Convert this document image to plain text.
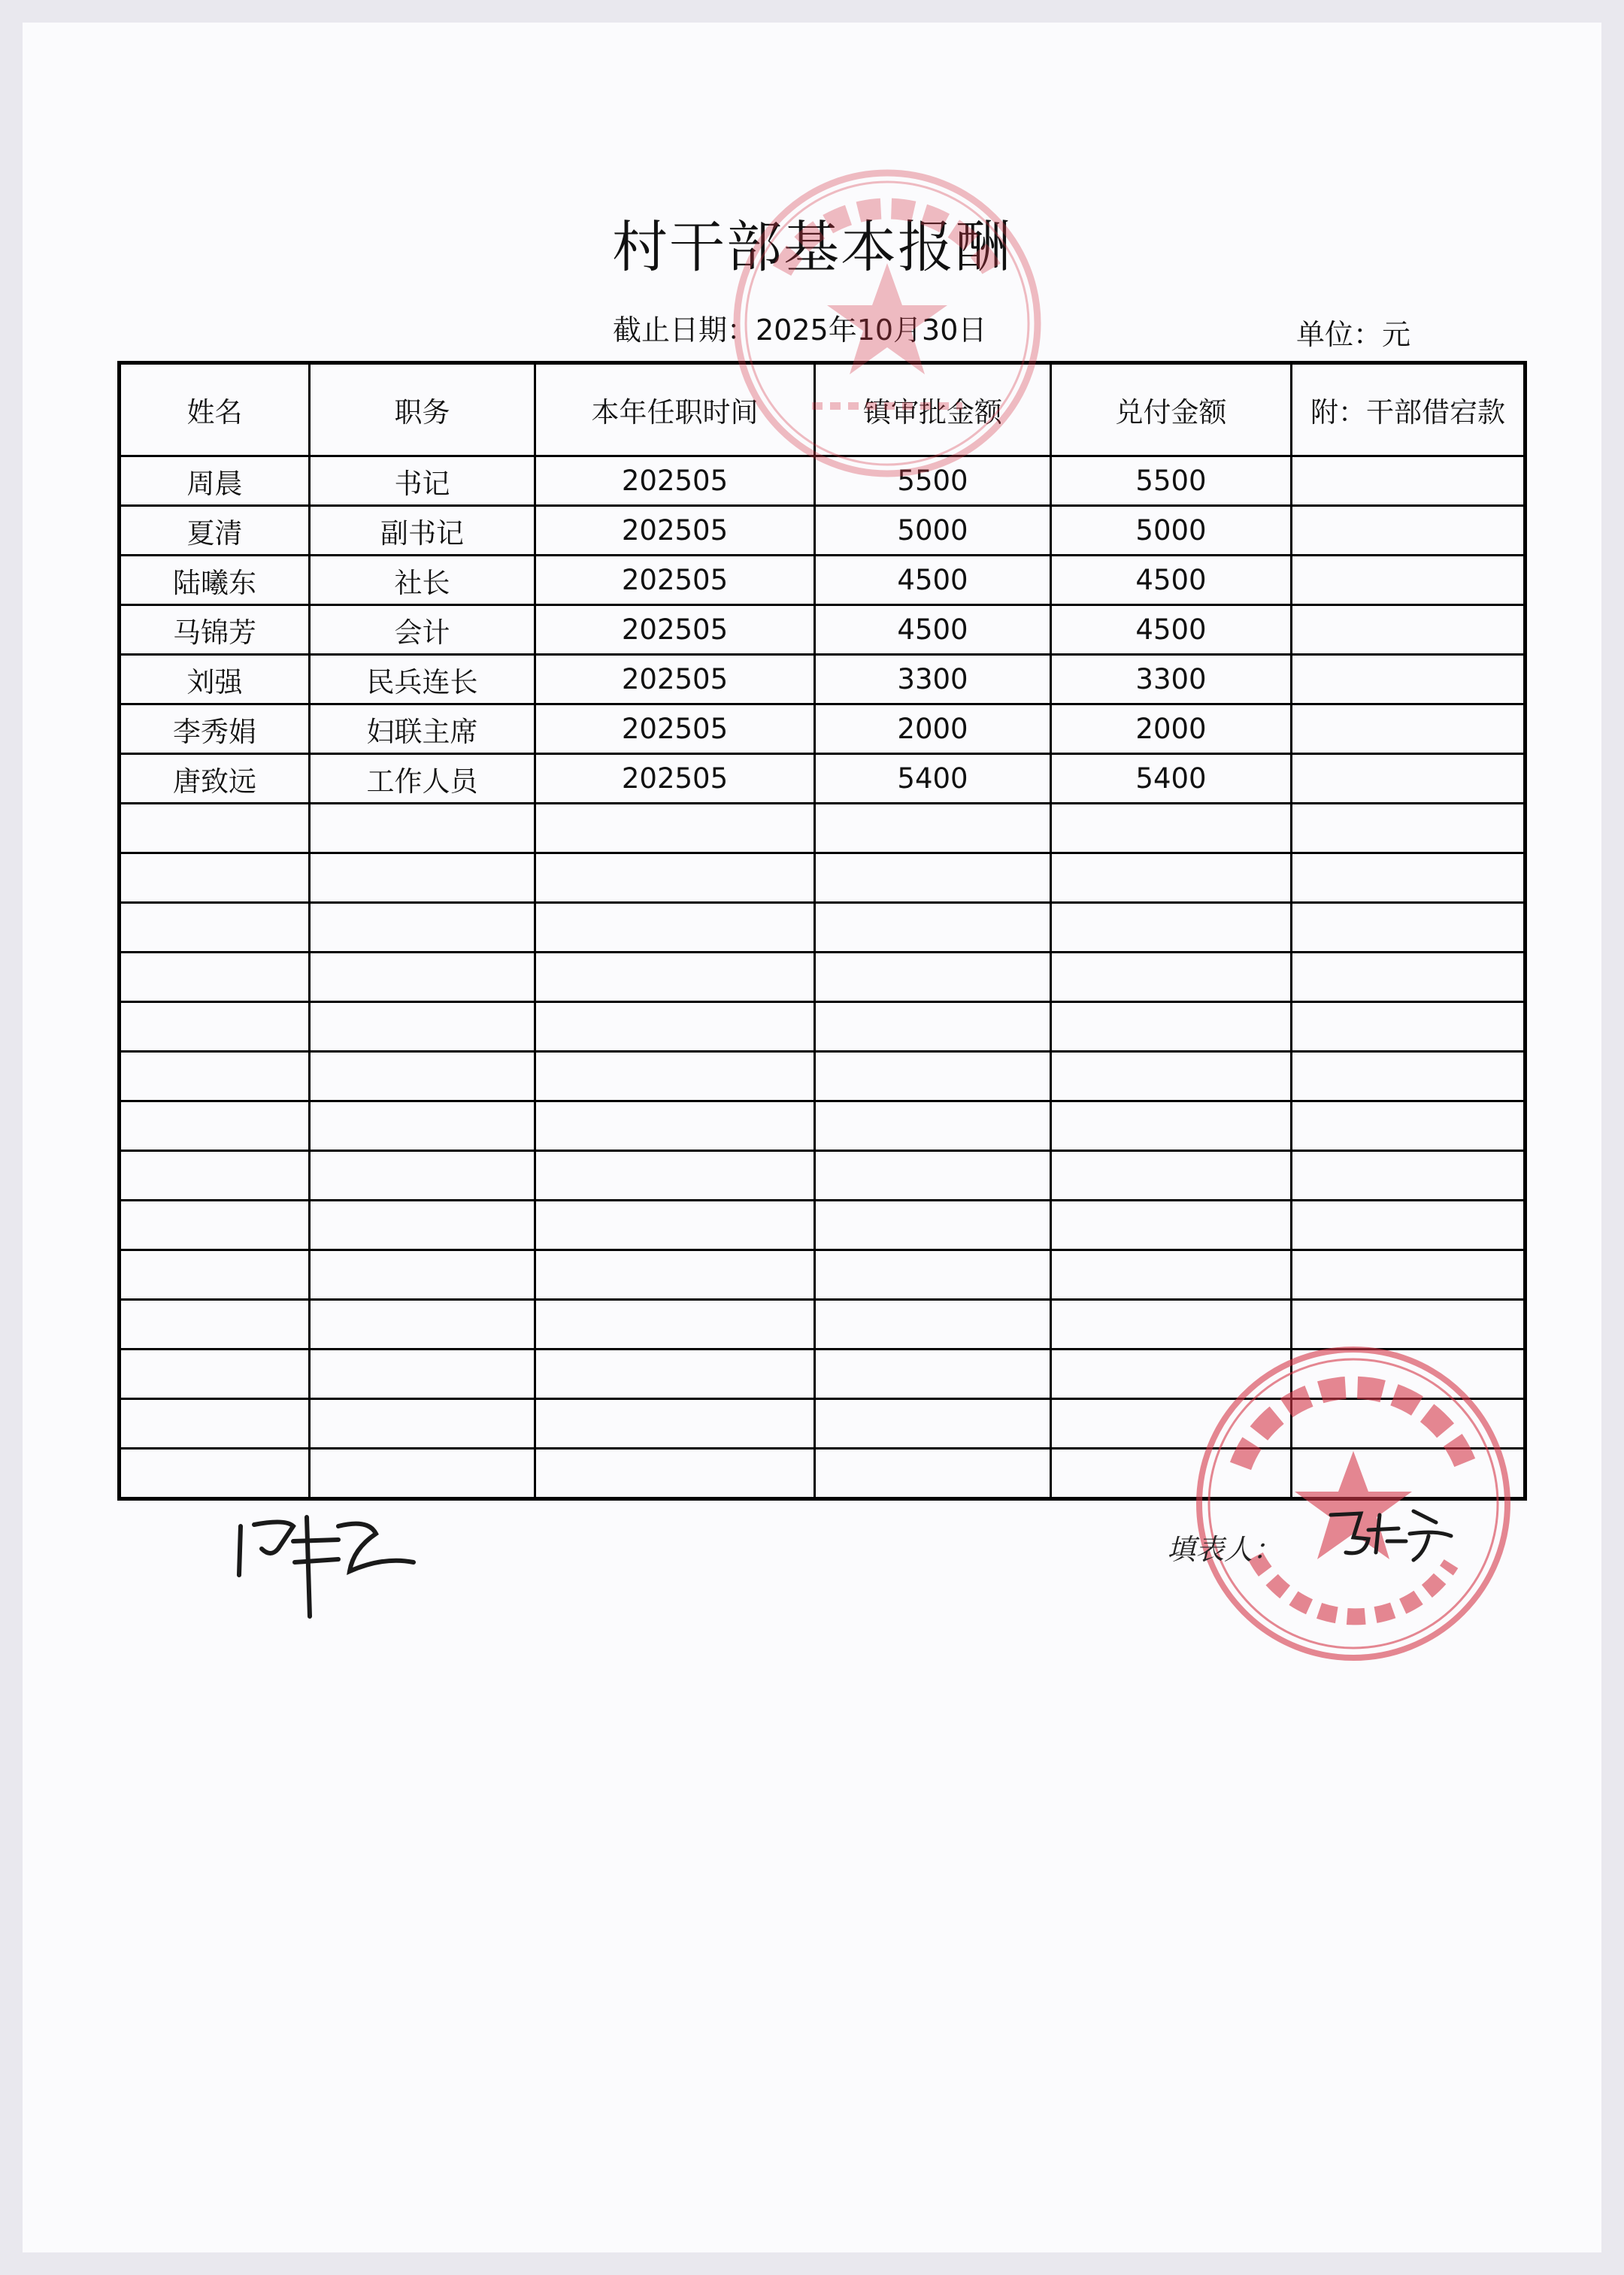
村干部基本报酬
截止日期：2025年10月30日	单位：元
姓名	职务	本年任职时间	镇审批金额	兑付金额	附：干部借宕款
周晨	书记	202505	5500	5500	
夏清	副书记	202505	5000	5000	
陆曦东	社长	202505	4500	4500	
马锦芳	会计	202505	4500	4500	
刘强	民兵连长	202505	3300	3300	
李秀娟	妇联主席	202505	2000	2000	
唐致远	工作人员	202505	5400	5400	

填表人：
